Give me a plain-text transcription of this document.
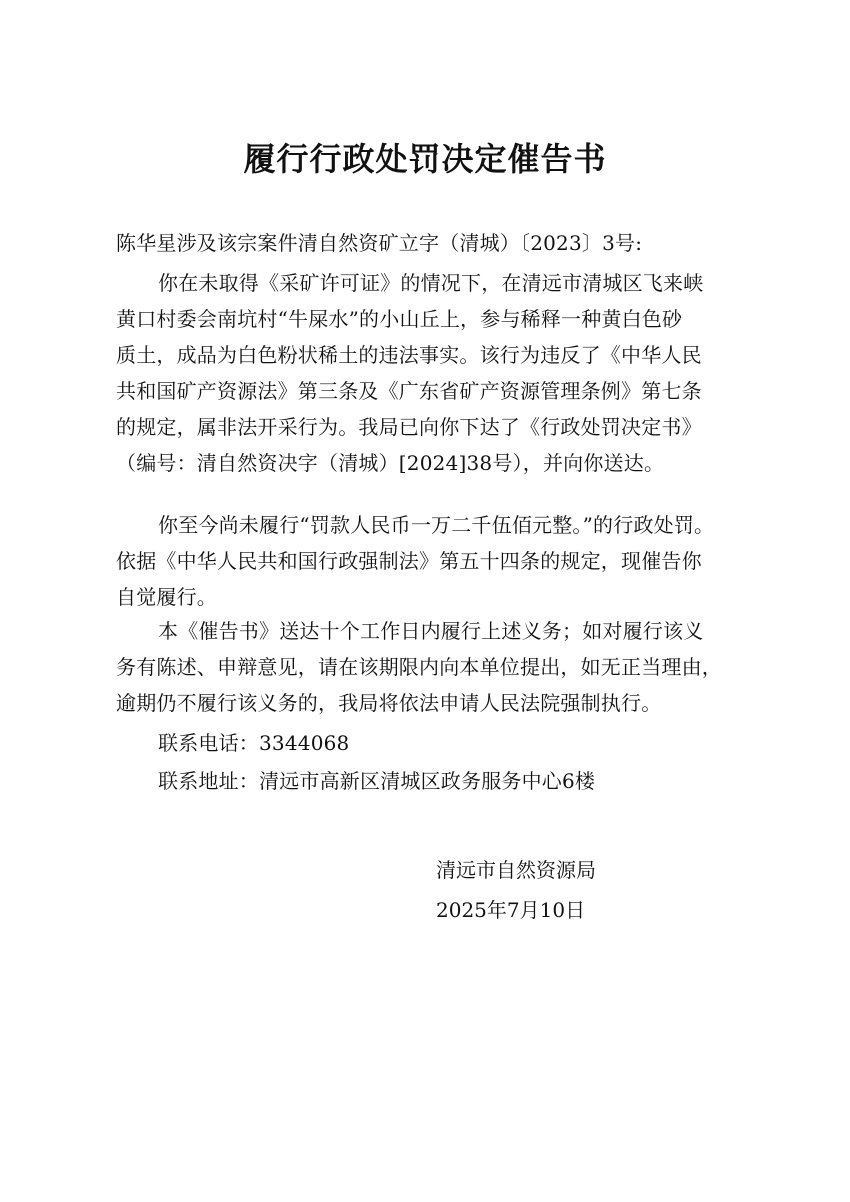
履行行政处罚决定催告书
陈华星涉及该宗案件清自然资矿立字（清城）〔2023〕3号:
你在未取得《采矿许可证》的情况下，在清远市清城区飞来峡
黄口村委会南坑村“牛屎水”的小山丘上，参与稀释一种黄白色砂
质土，成品为白色粉状稀土的违法事实。该行为违反了《中华人民
共和国矿产资源法》第三条及《广东省矿产资源管理条例》第七条
的规定，属非法开采行为。我局已向你下达了《行政处罚决定书》
（编号：清自然资决字（清城）[2024]38号），并向你送达。
你至今尚未履行“罚款人民币一万二千伍佰元整。”的行政处罚。
依据《中华人民共和国行政强制法》第五十四条的规定，现催告你
自觉履行。
本《催告书》送达十个工作日内履行上述义务；如对履行该义
务有陈述、申辩意见，请在该期限内向本单位提出，如无正当理由，
逾期仍不履行该义务的，我局将依法申请人民法院强制执行。
联系电话：3344068
联系地址：清远市高新区清城区政务服务中心6楼
清远市自然资源局
2025年7月10日
